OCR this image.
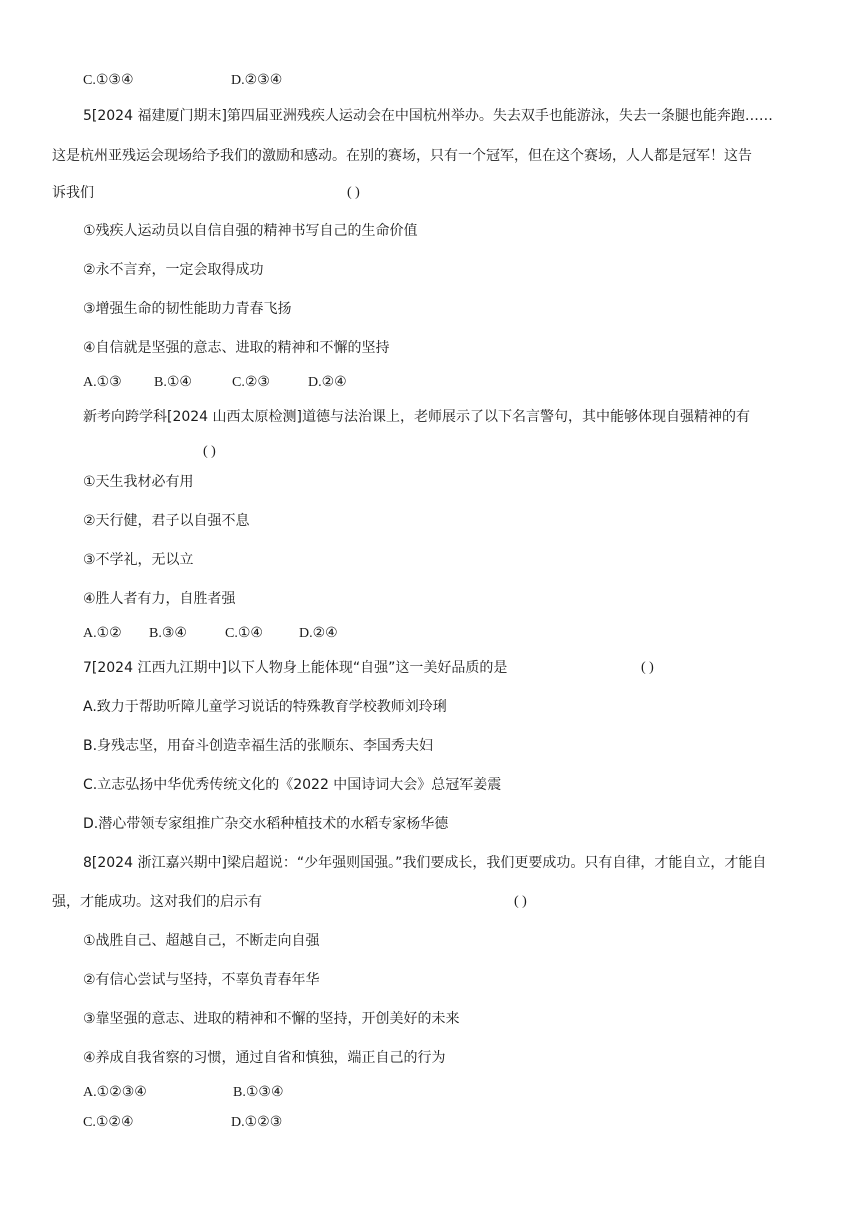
C.①③④	D.②③④
5[2024 福建厦门期末]第四届亚洲残疾人运动会在中国杭州举办。失去双手也能游泳，失去一条腿也能奔跑……
这是杭州亚残运会现场给予我们的激励和感动。在别的赛场，只有一个冠军，但在这个赛场，人人都是冠军！这告
诉我们	( )
①残疾人运动员以自信自强的精神书写自己的生命价值
②永不言弃，一定会取得成功
③增强生命的韧性能助力青春飞扬
④自信就是坚强的意志、进取的精神和不懈的坚持
A.①③ B.①④	C.②③	D.②④
新考向跨学科[2024 山西太原检测]道德与法治课上，老师展示了以下名言警句，其中能够体现自强精神的有
( )
①天生我材必有用
②天行健，君子以自强不息
③不学礼，无以立
④胜人者有力，自胜者强
A.①② B.③④	C.①④	D.②④
7[2024 江西九江期中]以下人物身上能体现“自强”这一美好品质的是	( )
A.致力于帮助听障儿童学习说话的特殊教育学校教师刘玲琍
B.身残志坚，用奋斗创造幸福生活的张顺东、李国秀夫妇
C.立志弘扬中华优秀传统文化的《2022 中国诗词大会》总冠军姜震
D.潜心带领专家组推广杂交水稻种植技术的水稻专家杨华德
8[2024 浙江嘉兴期中]梁启超说：“少年强则国强。”我们要成长，我们更要成功。只有自律，才能自立，才能自
强，才能成功。这对我们的启示有	( )
①战胜自己、超越自己，不断走向自强
②有信心尝试与坚持，不辜负青春年华
③靠坚强的意志、进取的精神和不懈的坚持，开创美好的未来
④养成自我省察的习惯，通过自省和慎独，端正自己的行为
A.①②③④	B.①③④
C.①②④	D.①②③
